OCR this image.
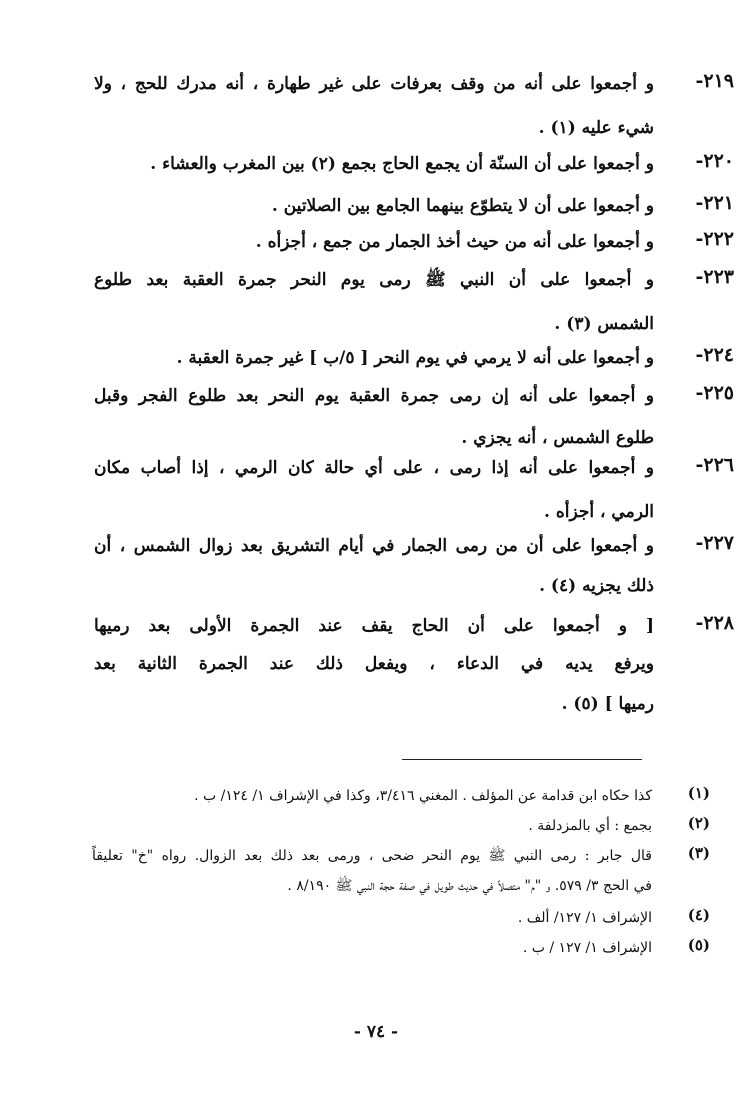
٢١٩-
و أجمعوا على أنه من وقف بعرفات على غير طهارة ، أنه مدرك للحج ، ولا
شيء عليه (١) .
٢٢٠-
و أجمعوا على أن السنّة أن يجمع الحاج بجمع (٢) بين المغرب والعشاء .
٢٢١-
و أجمعوا على أن لا يتطوّع بينهما الجامع بين الصلاتين .
٢٢٢-
و أجمعوا على أنه من حيث أخذ الجمار من جمع ، أجزأه .
٢٢٣-
و أجمعوا على أن النبي ﷺ رمى يوم النحر جمرة العقبة بعد طلوع
الشمس (٣) .
٢٢٤-
و أجمعوا على أنه لا يرمي في يوم النحر [ ٥/ب ] غير جمرة العقبة .
٢٢٥-
و أجمعوا على أنه إن رمى جمرة العقبة يوم النحر بعد طلوع الفجر وقبل
طلوع الشمس ، أنه يجزي .
٢٢٦-
و أجمعوا على أنه إذا رمى ، على أي حالة كان الرمي ، إذا أصاب مكان
الرمي ، أجزأه .
٢٢٧-
و أجمعوا على أن من رمى الجمار في أيام التشريق بعد زوال الشمس ، أن
ذلك يجزيه (٤) .
٢٢٨-
[ و أجمعوا على أن الحاج يقف عند الجمرة الأولى بعد رميها
ويرفع يديه في الدعاء ، ويفعل ذلك عند الجمرة الثانية بعد
رميها ] (٥) .
(١)
كذا حكاه ابن قدامة عن المؤلف . المغني ٣/٤١٦، وكذا في الإشراف ١/ ١٢٤/ ب .
(٢)
بجمع : أي بالمزدلفة .
(٣)
قال جابر : رمى النبي ﷺ يوم النحر ضحى ، ورمى بعد ذلك بعد الزوال. رواه "خ" تعليقاً
في الحج ٣/ ٥٧٩. و "م" متصلاً في حديث طويل في صفة حجة النبي ﷺ ٨/١٩٠ .
(٤)
الإشراف ١/ ١٢٧/ ألف .
(٥)
الإشراف ١/ ١٢٧ / ب .
- ٧٤ -
